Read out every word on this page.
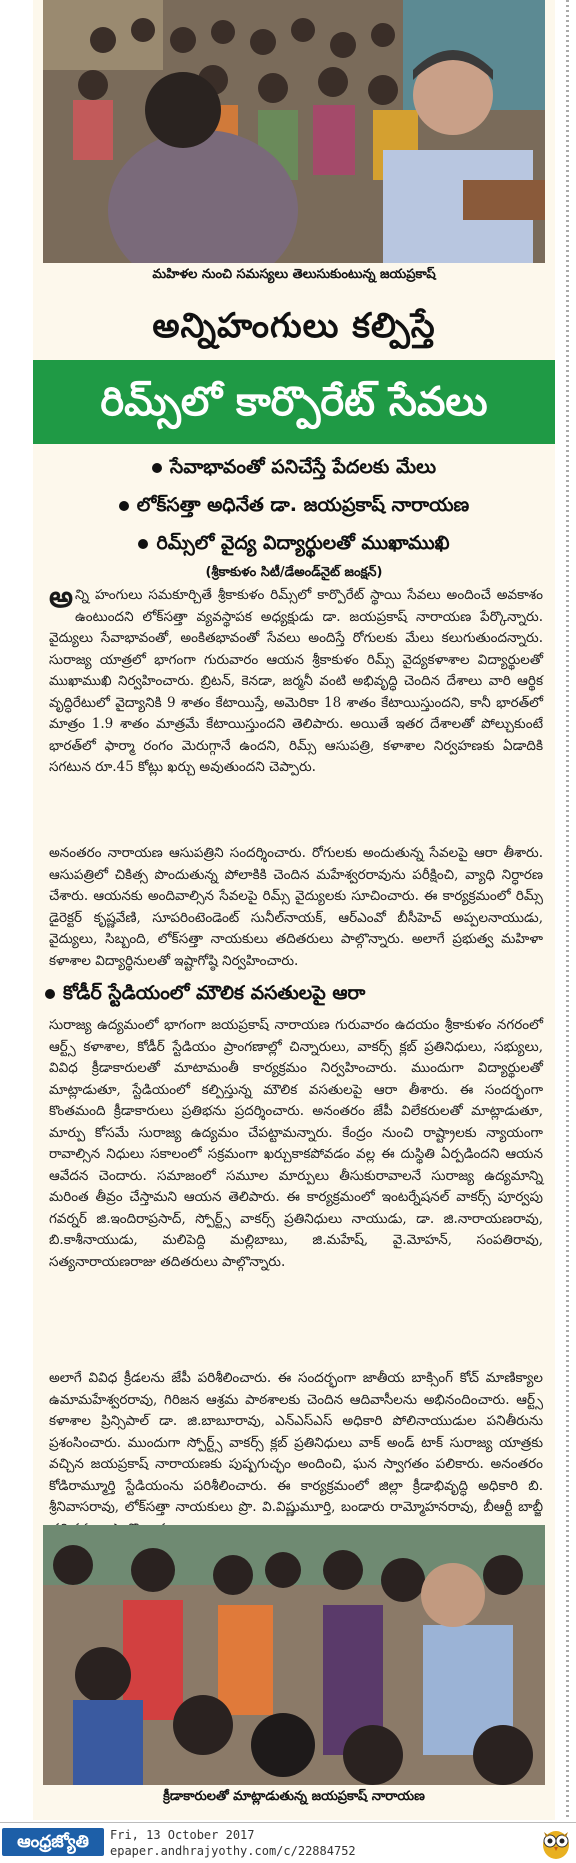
మహిళల నుంచి సమస్యలు తెలుసుకుంటున్న జయప్రకాష్
అన్నిహంగులు కల్పిస్తే
రిమ్స్‌లో కార్పొరేట్ సేవలు
సేవాభావంతో పనిచేస్తే పేదలకు మేలు
లోక్‌సత్తా అధినేత డా. జయప్రకాష్ నారాయణ
రిమ్స్‌లో వైద్య విద్యార్థులతో ముఖాముఖి
(శ్రీకాకుళం సిటీ/డేఅండ్‌నైట్ జంక్షన్)
అన్ని హంగులు సమకూర్చితే శ్రీకాకుళం రిమ్స్‌లో కార్పొరేట్ స్థాయి సేవలు అందించే అవకాశం ఉంటుందని లోక్‌సత్తా వ్యవస్థాపక అధ్యక్షుడు డా. జయప్రకాష్ నారాయణ పేర్కొన్నారు. వైద్యులు సేవాభావంతో, అంకితభావంతో సేవలు అందిస్తే రోగులకు మేలు కలుగుతుందన్నారు. సురాజ్య యాత్రలో భాగంగా గురువారం ఆయన శ్రీకాకుళం రిమ్స్ వైద్యకళాశాల విద్యార్థులతో ముఖాముఖి నిర్వహించారు. బ్రిటన్, కెనడా, జర్మనీ వంటి అభివృద్ధి చెందిన దేశాలు వారి ఆర్థిక వృద్ధిరేటులో వైద్యానికి 9 శాతం కేటాయిస్తే, అమెరికా 18 శాతం కేటాయిస్తుందని, కానీ భారత్‌లో మాత్రం 1.9 శాతం మాత్రమే కేటాయిస్తుందని తెలిపారు. అయితే ఇతర దేశాలతో పోల్చుకుంటే భారత్‌లో ఫార్మా రంగం మెరుగ్గానే ఉందని, రిమ్స్ ఆసుపత్రి, కళాశాల నిర్వహణకు ఏడాదికి సగటున రూ.45 కోట్లు ఖర్చు అవుతుందని చెప్పారు.
అనంతరం నారాయణ ఆసుపత్రిని సందర్శించారు. రోగులకు అందుతున్న సేవలపై ఆరా తీశారు. ఆసుపత్రిలో చికిత్స పొందుతున్న పోలాకికి చెందిన మహేశ్వరరావును పరీక్షించి, వ్యాధి నిర్ధారణ చేశారు. ఆయనకు అందివాల్సిన సేవలపై రిమ్స్ వైద్యులకు సూచించారు. ఈ కార్యక్రమంలో రిమ్స్ డైరెక్టర్ కృష్ణవేణి, సూపరింటెండెంట్ సునీల్‌నాయక్, ఆర్‌ఎంవో బీసీహెచ్ అప్పలనాయుడు, వైద్యులు, సిబ్బంది, లోక్‌సత్తా నాయకులు తదితరులు పాల్గొన్నారు. అలాగే ప్రభుత్వ మహిళా కళాశాల విద్యార్థినులతో ఇష్టాగోష్ఠి నిర్వహించారు.
కోడీర్ స్టేడియంలో మౌలిక వసతులపై ఆరా
సురాజ్య ఉద్యమంలో భాగంగా జయప్రకాష్ నారాయణ గురువారం ఉదయం శ్రీకాకుళం నగరంలో ఆర్ట్స్ కళాశాల, కోడీర్ స్టేడియం ప్రాంగణాల్లో చిన్నారులు, వాకర్స్ క్లబ్ ప్రతినిధులు, సభ్యులు, వివిధ క్రీడాకారులతో మాటామంతీ కార్యక్రమం నిర్వహించారు. ముందుగా విద్యార్థులతో మాట్లాడుతూ, స్టేడియంలో కల్పిస్తున్న మౌలిక వసతులపై ఆరా తీశారు. ఈ సందర్భంగా కొంతమంది క్రీడాకారులు ప్రతిభను ప్రదర్శించారు. అనంతరం జేపీ విలేకరులతో మాట్లాడుతూ, మార్పు కోసమే సురాజ్య ఉద్యమం చేపట్టామన్నారు. కేంద్రం నుంచి రాష్ట్రాలకు న్యాయంగా రావాల్సిన నిధులు సకాలంలో సక్రమంగా ఖర్చుకాకపోవడం వల్ల ఈ దుస్థితి ఏర్పడిందని ఆయన ఆవేదన చెందారు. సమాజంలో సమూల మార్పులు తీసుకురావాలనే సురాజ్య ఉద్యమాన్ని మరింత తీవ్రం చేస్తామని ఆయన తెలిపారు. ఈ కార్యక్రమంలో ఇంటర్నేషనల్ వాకర్స్ పూర్వపు గవర్నర్ జి.ఇందిరాప్రసాద్, స్పోర్ట్స్ వాకర్స్ ప్రతినిధులు నాయుడు, డా. జి.నారాయణరావు, బి.కాశీనాయుడు, మలిపెద్ది మల్లిబాబు, జి.మహేష్, వై.మోహన్, సంపతిరావు, సత్యనారాయణరాజు తదితరులు పాల్గొన్నారు.
అలాగే వివిధ క్రీడలను జేపీ పరిశీలించారు. ఈ సందర్భంగా జాతీయ బాక్సింగ్ కోచ్ మాణిక్యాల ఉమామహేశ్వరరావు, గిరిజన ఆశ్రమ పాఠశాలకు చెందిన ఆదివాసీలను అభినందించారు. ఆర్ట్స్ కళాశాల ప్రిన్సిపాల్ డా. జి.బాబూరావు, ఎన్‌ఎస్‌ఎస్ అధికారి పోలినాయుడుల పనితీరును ప్రశంసించారు. ముందుగా స్పోర్ట్స్ వాకర్స్ క్లబ్ ప్రతినిధులు వాక్ అండ్ టాక్ సురాజ్య యాత్రకు వచ్చిన జయప్రకాష్ నారాయణకు పుష్పగుచ్ఛం అందించి, ఘన స్వాగతం పలికారు. అనంతరం కోడిరామ్మూర్తి స్టేడియంను పరిశీలించారు. ఈ కార్యక్రమంలో జిల్లా క్రీడాభివృద్ధి అధికారి బి. శ్రీనివాసరావు, లోక్‌సత్తా నాయకులు ప్రొ. వి.విష్ణుమూర్తి, బండారు రామ్మోహనరావు, బీఆర్టీ బాబ్జీ
క్రీడాకారులతో మాట్లాడుతున్న జయప్రకాష్ నారాయణ
ఆంధ్రజ్యోతి	Fri, 13 October 2017
epaper.andhrajyothy.com/c/22884752
